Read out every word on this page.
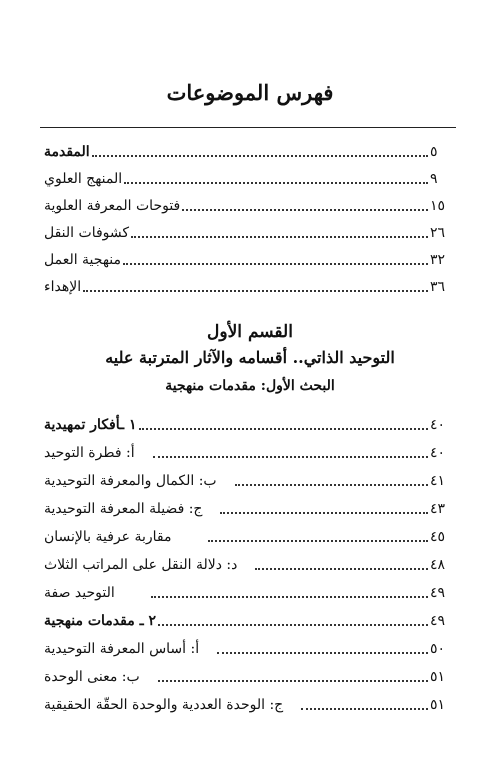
فهرس الموضوعات
المقدمة	٥
المنهج العلوي	٩
فتوحات المعرفة العلوية	١٥
كشوفات النقل	٢٦
منهجية العمل	٣٢
الإهداء	٣٦
القسم الأول
التوحيد الذاتي.. أقسامه والآثار المترتبة عليه
البحث الأول: مقدمات منهجية
١ ـأفكار تمهيدية	٤٠
أ: فطرة التوحيد	٤٠
ب: الكمال والمعرفة التوحيدية	٤١
ج: فضيلة المعرفة التوحيدية	٤٣
مقاربة عرفية بالإنسان	٤٥
د: دلالة النقل على المراتب الثلاث	٤٨
التوحيد صفة	٤٩
٢ ـ مقدمات منهجية	٤٩
أ: أساس المعرفة التوحيدية	٥٠
ب: معنى الوحدة	٥١
ج: الوحدة العددية والوحدة الحقّة الحقيقية	٥١
